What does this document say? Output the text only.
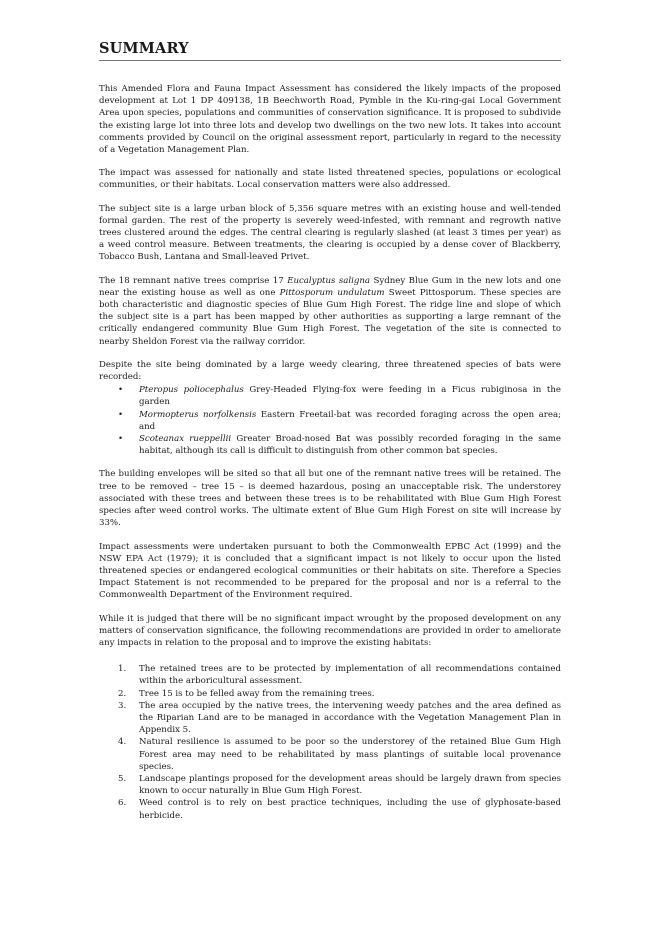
SUMMARY

This Amended Flora and Fauna Impact Assessment has considered the likely impacts of the proposed development at Lot 1 DP 409138, 1B Beechworth Road, Pymble in the Ku-ring-gai Local Government Area upon species, populations and communities of conservation significance. It is proposed to subdivide the existing large lot into three lots and develop two dwellings on the two new lots. It takes into account comments provided by Council on the original assessment report, particularly in regard to the necessity of a Vegetation Management Plan.

The impact was assessed for nationally and state listed threatened species, populations or ecological communities, or their habitats. Local conservation matters were also addressed.

The subject site is a large urban block of 5,356 square metres with an existing house and well-tended formal garden. The rest of the property is severely weed-infested, with remnant and regrowth native trees clustered around the edges. The central clearing is regularly slashed (at least 3 times per year) as a weed control measure. Between treatments, the clearing is occupied by a dense cover of Blackberry, Tobacco Bush, Lantana and Small-leaved Privet.

The 18 remnant native trees comprise 17 Eucalyptus saligna Sydney Blue Gum in the new lots and one near the existing house as well as one Pittosporum undulatum Sweet Pittosporum. These species are both characteristic and diagnostic species of Blue Gum High Forest. The ridge line and slope of which the subject site is a part has been mapped by other authorities as supporting a large remnant of the critically endangered community Blue Gum High Forest. The vegetation of the site is connected to nearby Sheldon Forest via the railway corridor.

Despite the site being dominated by a large weedy clearing, three threatened species of bats were recorded:

• Pteropus poliocephalus Grey-Headed Flying-fox were feeding in a Ficus rubiginosa in the garden
• Mormopterus norfolkensis Eastern Freetail-bat was recorded foraging across the open area; and
• Scoteanax rueppellii Greater Broad-nosed Bat was possibly recorded foraging in the same habitat, although its call is difficult to distinguish from other common bat species.

The building envelopes will be sited so that all but one of the remnant native trees will be retained. The tree to be removed – tree 15 – is deemed hazardous, posing an unacceptable risk. The understorey associated with these trees and between these trees is to be rehabilitated with Blue Gum High Forest species after weed control works. The ultimate extent of Blue Gum High Forest on site will increase by 33%.

Impact assessments were undertaken pursuant to both the Commonwealth EPBC Act (1999) and the NSW EPA Act (1979); it is concluded that a significant impact is not likely to occur upon the listed threatened species or endangered ecological communities or their habitats on site. Therefore a Species Impact Statement is not recommended to be prepared for the proposal and nor is a referral to the Commonwealth Department of the Environment required.

While it is judged that there will be no significant impact wrought by the proposed development on any matters of conservation significance, the following recommendations are provided in order to ameliorate any impacts in relation to the proposal and to improve the existing habitats:

1. The retained trees are to be protected by implementation of all recommendations contained within the arboricultural assessment.
2. Tree 15 is to be felled away from the remaining trees.
3. The area occupied by the native trees, the intervening weedy patches and the area defined as the Riparian Land are to be managed in accordance with the Vegetation Management Plan in Appendix 5.
4. Natural resilience is assumed to be poor so the understorey of the retained Blue Gum High Forest area may need to be rehabilitated by mass plantings of suitable local provenance species.
5. Landscape plantings proposed for the development areas should be largely drawn from species known to occur naturally in Blue Gum High Forest.
6. Weed control is to rely on best practice techniques, including the use of glyphosate-based herbicide.
